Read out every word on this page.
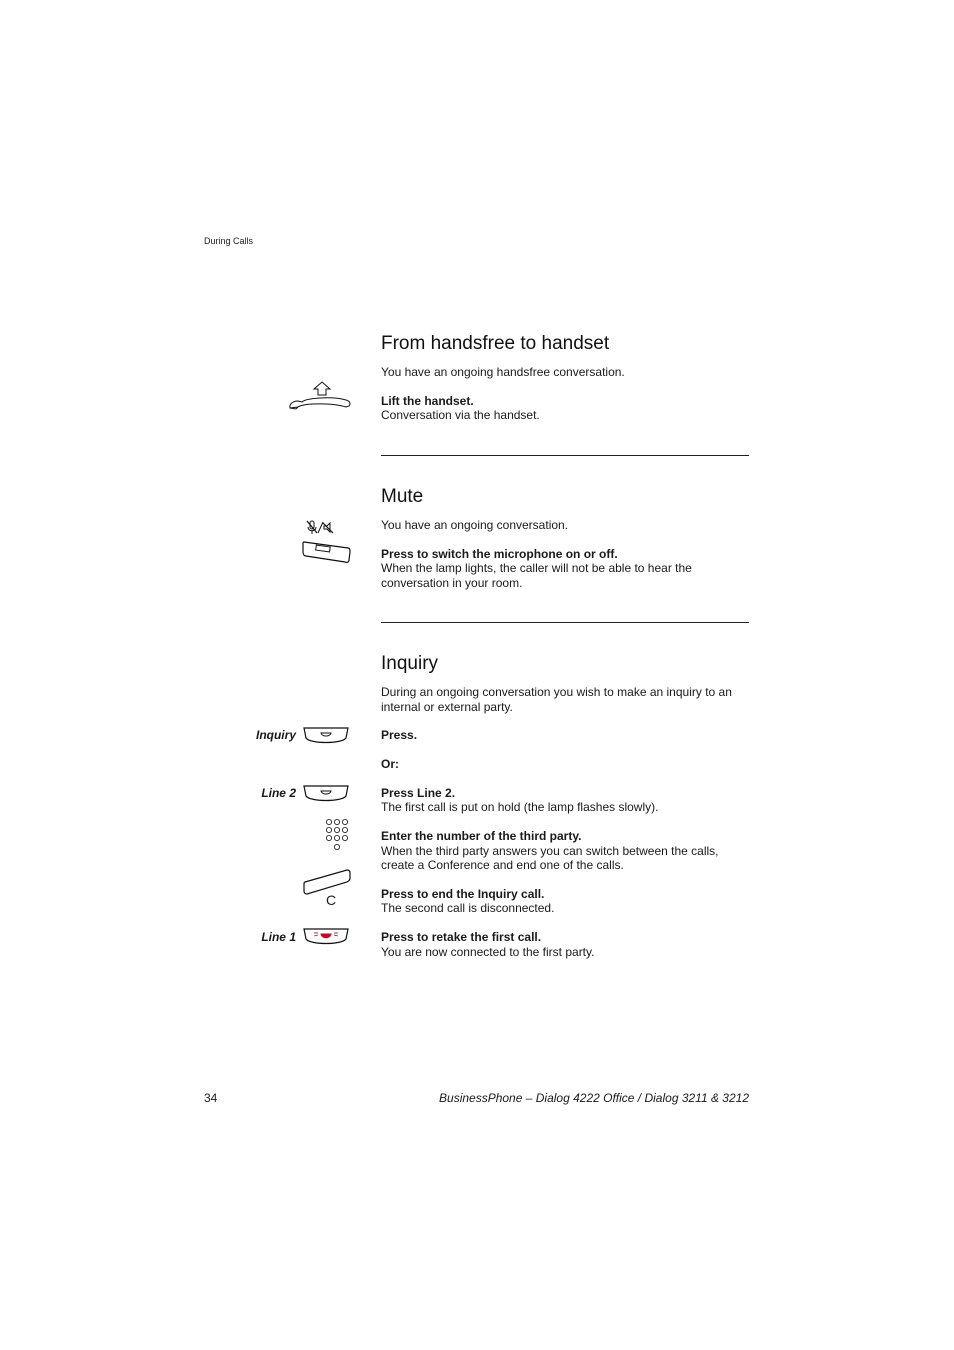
During Calls
From handsfree to handset
You have an ongoing handsfree conversation.
Lift the handset.
Conversation via the handset.
Mute
You have an ongoing conversation.
Press to switch the microphone on or off.
When the lamp lights, the caller will not be able to hear the
conversation in your room.
Inquiry
During an ongoing conversation you wish to make an inquiry to an
internal or external party.
Inquiry	Press.
Or:
Line 2	Press Line 2.
The first call is put on hold (the lamp flashes slowly).
Enter the number of the third party.
When the third party answers you can switch between the calls,
create a Conference and end one of the calls.
C	Press to end the Inquiry call.
The second call is disconnected.
Line 1	Press to retake the first call.
You are now connected to the first party.
34	BusinessPhone – Dialog 4222 Office / Dialog 3211 & 3212
